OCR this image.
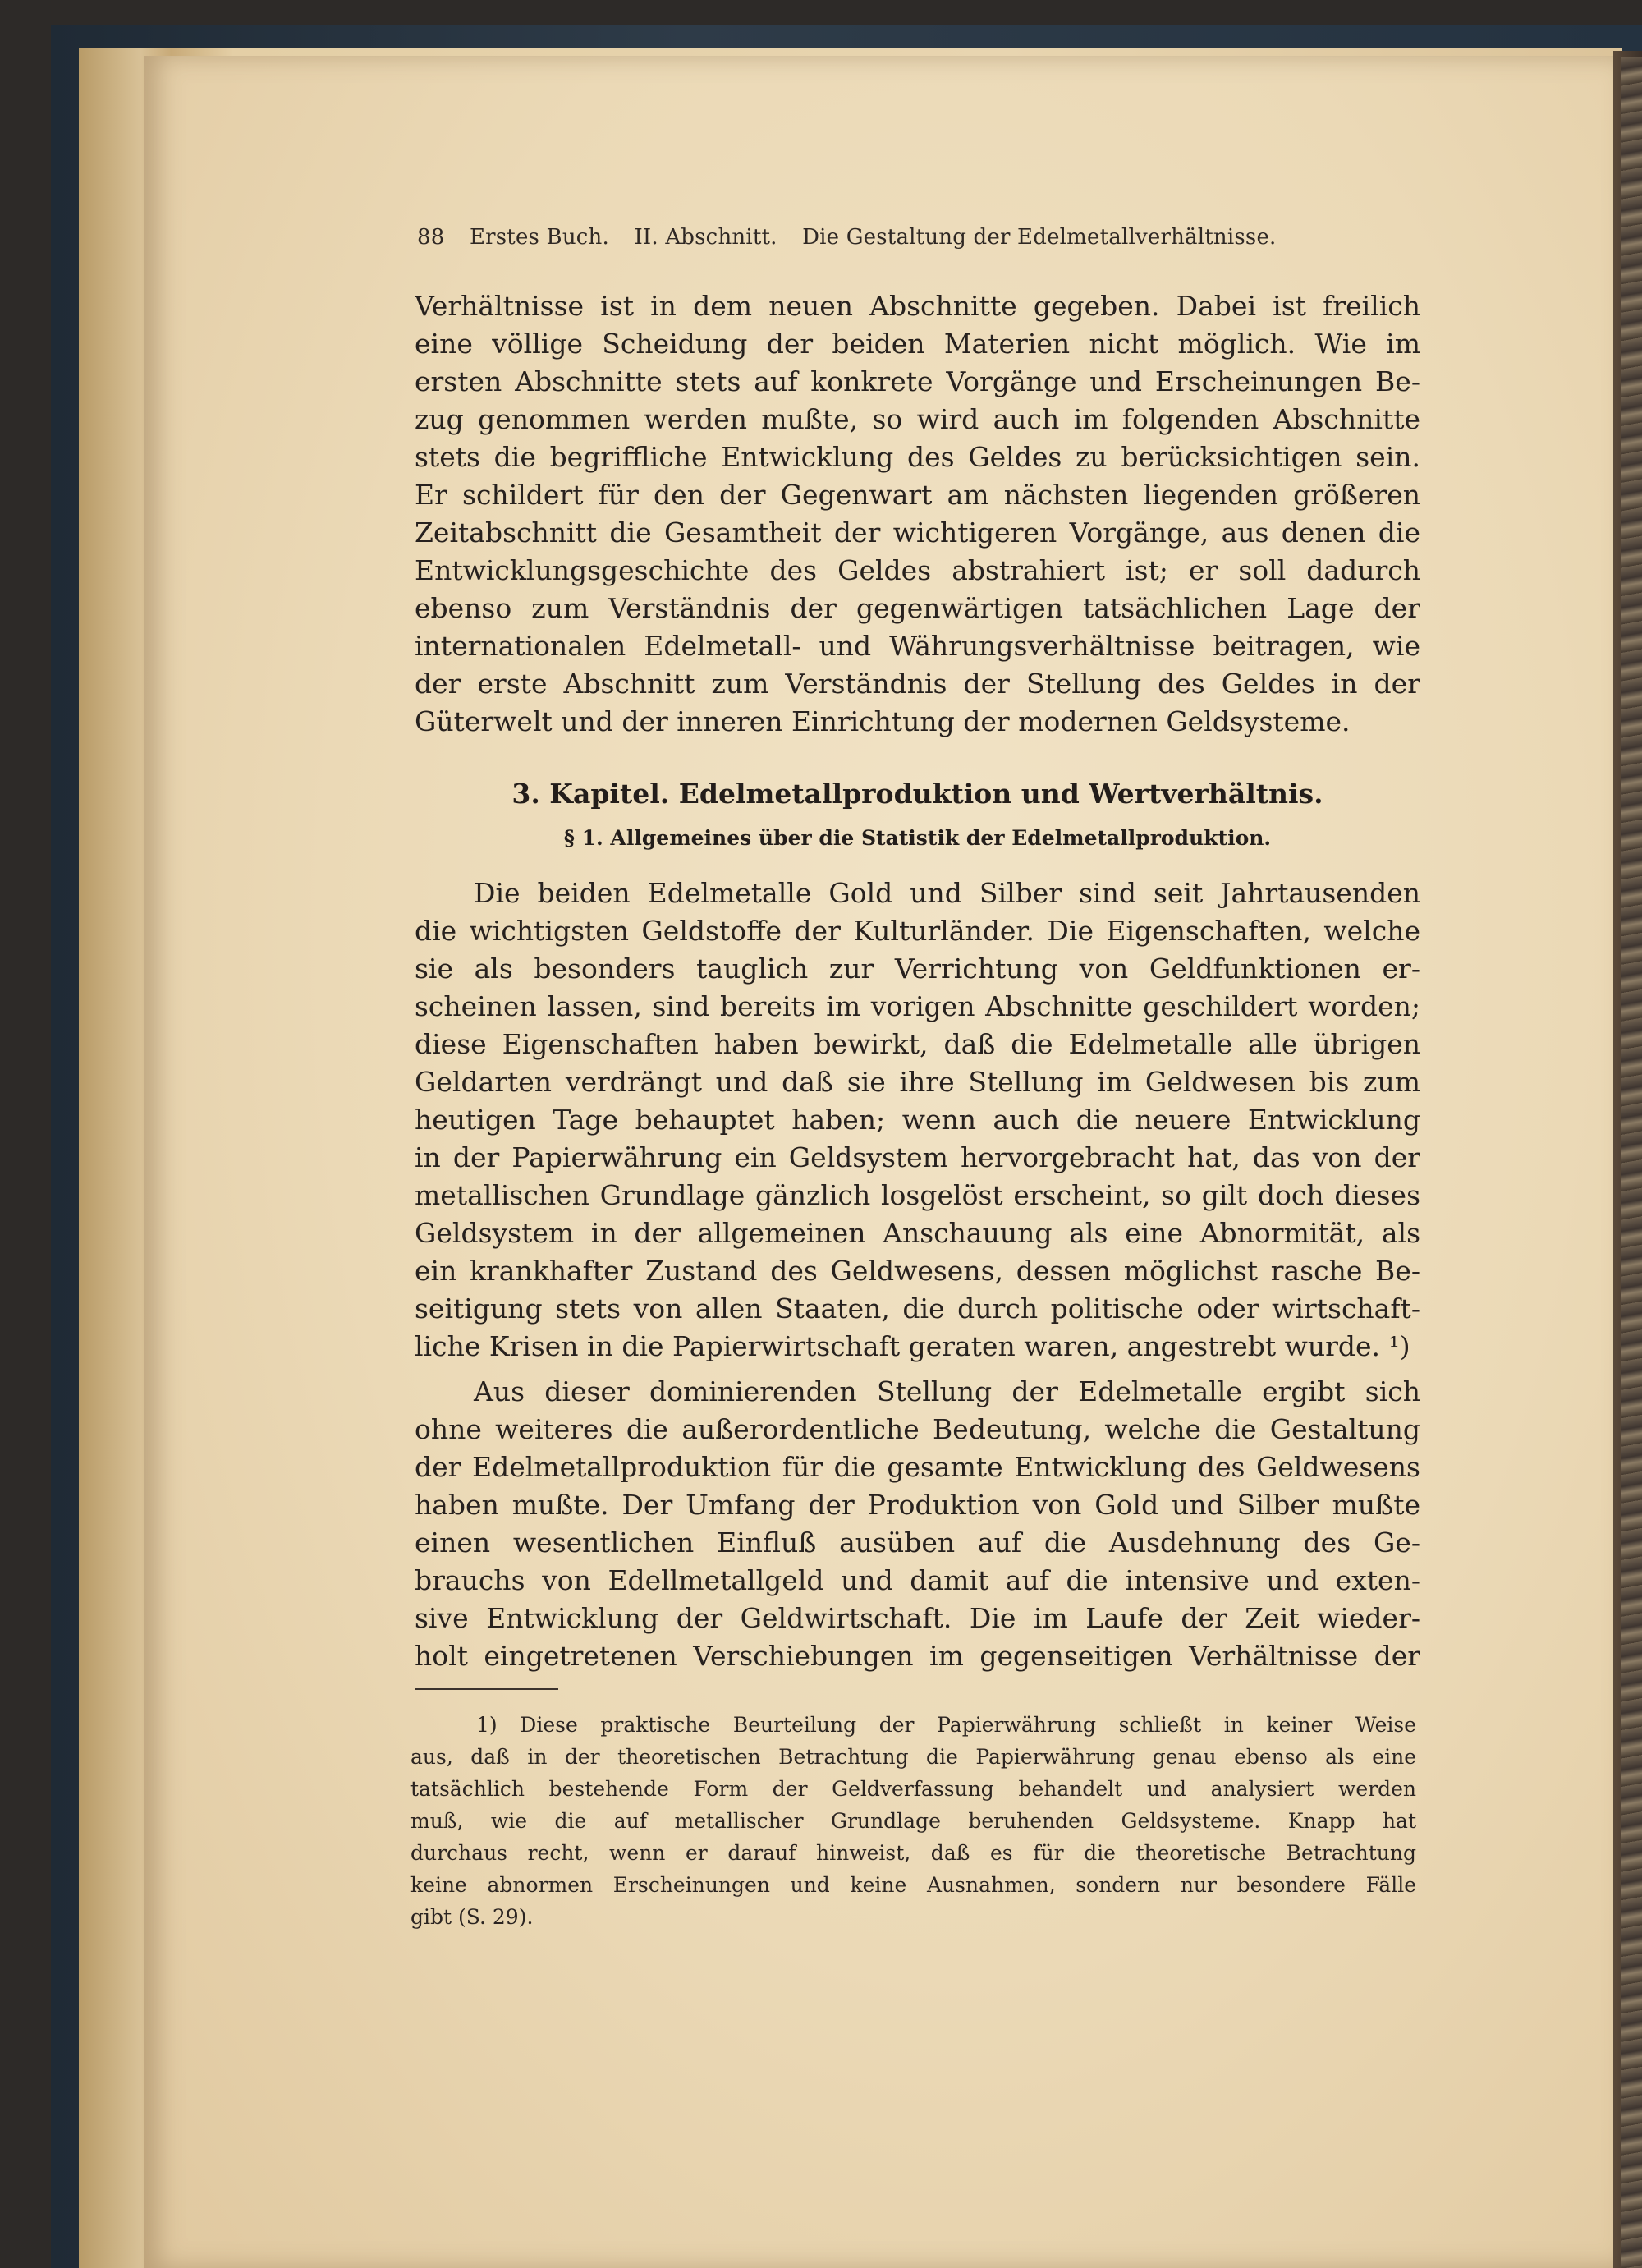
88 Erstes Buch. II. Abschnitt. Die Gestaltung der Edelmetallverhältnisse.
Verhältnisse ist in dem neuen Abschnitte gegeben. Dabei ist freilich
eine völlige Scheidung der beiden Materien nicht möglich. Wie im
ersten Abschnitte stets auf konkrete Vorgänge und Erscheinungen Be-
zug genommen werden mußte, so wird auch im folgenden Abschnitte
stets die begriffliche Entwicklung des Geldes zu berücksichtigen sein.
Er schildert für den der Gegenwart am nächsten liegenden größeren
Zeitabschnitt die Gesamtheit der wichtigeren Vorgänge, aus denen die
Entwicklungsgeschichte des Geldes abstrahiert ist; er soll dadurch
ebenso zum Verständnis der gegenwärtigen tatsächlichen Lage der
internationalen Edelmetall- und Währungsverhältnisse beitragen, wie
der erste Abschnitt zum Verständnis der Stellung des Geldes in der
Güterwelt und der inneren Einrichtung der modernen Geldsysteme.
3. Kapitel. Edelmetallproduktion und Wertverhältnis.
§ 1. Allgemeines über die Statistik der Edelmetallproduktion.
Die beiden Edelmetalle Gold und Silber sind seit Jahrtausenden
die wichtigsten Geldstoffe der Kulturländer. Die Eigenschaften, welche
sie als besonders tauglich zur Verrichtung von Geldfunktionen er-
scheinen lassen, sind bereits im vorigen Abschnitte geschildert worden;
diese Eigenschaften haben bewirkt, daß die Edelmetalle alle übrigen
Geldarten verdrängt und daß sie ihre Stellung im Geldwesen bis zum
heutigen Tage behauptet haben; wenn auch die neuere Entwicklung
in der Papierwährung ein Geldsystem hervorgebracht hat, das von der
metallischen Grundlage gänzlich losgelöst erscheint, so gilt doch dieses
Geldsystem in der allgemeinen Anschauung als eine Abnormität, als
ein krankhafter Zustand des Geldwesens, dessen möglichst rasche Be-
seitigung stets von allen Staaten, die durch politische oder wirtschaft-
liche Krisen in die Papierwirtschaft geraten waren, angestrebt wurde. ¹)
Aus dieser dominierenden Stellung der Edelmetalle ergibt sich
ohne weiteres die außerordentliche Bedeutung, welche die Gestaltung
der Edelmetallproduktion für die gesamte Entwicklung des Geldwesens
haben mußte. Der Umfang der Produktion von Gold und Silber mußte
einen wesentlichen Einfluß ausüben auf die Ausdehnung des Ge-
brauchs von Edellmetallgeld und damit auf die intensive und exten-
sive Entwicklung der Geldwirtschaft. Die im Laufe der Zeit wieder-
holt eingetretenen Verschiebungen im gegenseitigen Verhältnisse der
1) Diese praktische Beurteilung der Papierwährung schließt in keiner Weise
aus, daß in der theoretischen Betrachtung die Papierwährung genau ebenso als eine
tatsächlich bestehende Form der Geldverfassung behandelt und analysiert werden
muß, wie die auf metallischer Grundlage beruhenden Geldsysteme. Knapp hat
durchaus recht, wenn er darauf hinweist, daß es für die theoretische Betrachtung
keine abnormen Erscheinungen und keine Ausnahmen, sondern nur besondere Fälle
gibt (S. 29).
